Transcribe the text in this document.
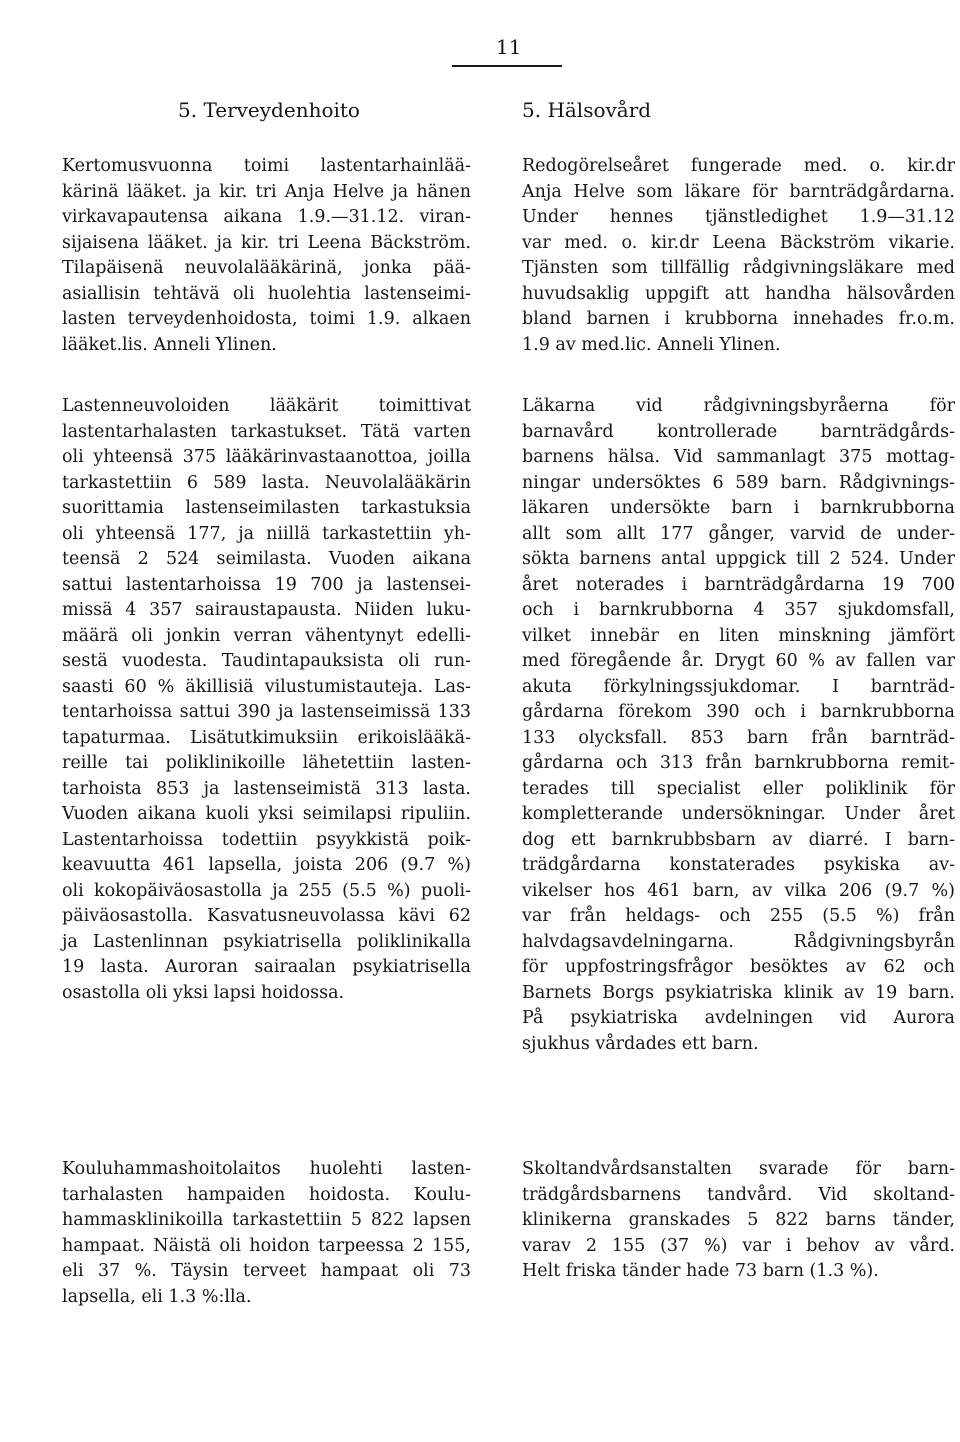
11
5. Terveydenhoito
Kertomusvuonna toimi lastentarhainlää-
kärinä lääket. ja kir. tri Anja Helve ja hänen
virkavapautensa aikana 1.9.—31.12. viran-
sijaisena lääket. ja kir. tri Leena Bäckström.
Tilapäisenä neuvolalääkärinä, jonka pää-
asiallisin tehtävä oli huolehtia lastenseimi-
lasten terveydenhoidosta, toimi 1.9. alkaen
lääket.lis. Anneli Ylinen.
Lastenneuvoloiden lääkärit toimittivat
lastentarhalasten tarkastukset. Tätä varten
oli yhteensä 375 lääkärinvastaanottoa, joilla
tarkastettiin 6 589 lasta. Neuvolalääkärin
suorittamia lastenseimilasten tarkastuksia
oli yhteensä 177, ja niillä tarkastettiin yh-
teensä 2 524 seimilasta. Vuoden aikana
sattui lastentarhoissa 19 700 ja lastensei-
missä 4 357 sairaustapausta. Niiden luku-
määrä oli jonkin verran vähentynyt edelli-
sestä vuodesta. Taudintapauksista oli run-
saasti 60 % äkillisiä vilustumistauteja. Las-
tentarhoissa sattui 390 ja lastenseimissä 133
tapaturmaa. Lisätutkimuksiin erikoislääkä-
reille tai poliklinikoille lähetettiin lasten-
tarhoista 853 ja lastenseimistä 313 lasta.
Vuoden aikana kuoli yksi seimilapsi ripuliin.
Lastentarhoissa todettiin psyykkistä poik-
keavuutta 461 lapsella, joista 206 (9.7 %)
oli kokopäiväosastolla ja 255 (5.5 %) puoli-
päiväosastolla. Kasvatusneuvolassa kävi 62
ja Lastenlinnan psykiatrisella poliklinikalla
19 lasta. Auroran sairaalan psykiatrisella
osastolla oli yksi lapsi hoidossa.
Kouluhammashoitolaitos huolehti lasten-
tarhalasten hampaiden hoidosta. Koulu-
hammasklinikoilla tarkastettiin 5 822 lapsen
hampaat. Näistä oli hoidon tarpeessa 2 155,
eli 37 %. Täysin terveet hampaat oli 73
lapsella, eli 1.3 %:lla.
5. Hälsovård
Redogörelseåret fungerade med. o. kir.dr
Anja Helve som läkare för barnträdgårdarna.
Under hennes tjänstledighet 1.9—31.12
var med. o. kir.dr Leena Bäckström vikarie.
Tjänsten som tillfällig rådgivningsläkare med
huvudsaklig uppgift att handha hälsovården
bland barnen i krubborna innehades fr.o.m.
1.9 av med.lic. Anneli Ylinen.
Läkarna vid rådgivningsbyråerna för
barnavård kontrollerade barnträdgårds-
barnens hälsa. Vid sammanlagt 375 mottag-
ningar undersöktes 6 589 barn. Rådgivnings-
läkaren undersökte barn i barnkrubborna
allt som allt 177 gånger, varvid de under-
sökta barnens antal uppgick till 2 524. Under
året noterades i barnträdgårdarna 19 700
och i barnkrubborna 4 357 sjukdomsfall,
vilket innebär en liten minskning jämfört
med föregående år. Drygt 60 % av fallen var
akuta förkylningssjukdomar. I barnträd-
gårdarna förekom 390 och i barnkrubborna
133 olycksfall. 853 barn från barnträd-
gårdarna och 313 från barnkrubborna remit-
terades till specialist eller poliklinik för
kompletterande undersökningar. Under året
dog ett barnkrubbsbarn av diarré. I barn-
trädgårdarna konstaterades psykiska av-
vikelser hos 461 barn, av vilka 206 (9.7 %)
var från heldags- och 255 (5.5 %) från
halvdagsavdelningarna. Rådgivningsbyrån
för uppfostringsfrågor besöktes av 62 och
Barnets Borgs psykiatriska klinik av 19 barn.
På psykiatriska avdelningen vid Aurora
sjukhus vårdades ett barn.
Skoltandvårdsanstalten svarade för barn-
trädgårdsbarnens tandvård. Vid skoltand-
klinikerna granskades 5 822 barns tänder,
varav 2 155 (37 %) var i behov av vård.
Helt friska tänder hade 73 barn (1.3 %).
